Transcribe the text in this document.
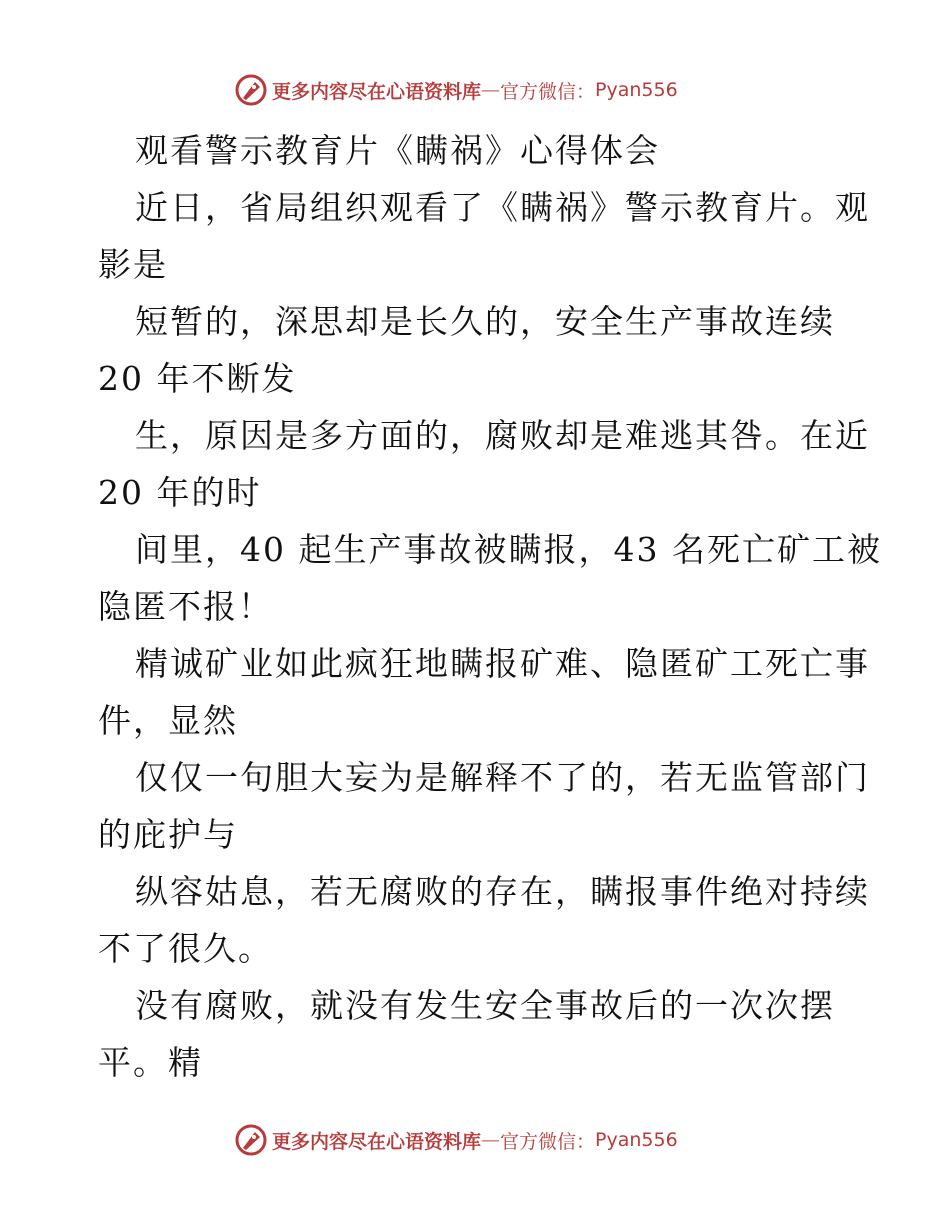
更多内容尽在心语资料库 — 官方微信： Pyan556
观看警示教育片《瞒祸》心得体会
近日，省局组织观看了《瞒祸》警示教育片。观
影是
短暂的，深思却是长久的，安全生产事故连续
20 年不断发
生，原因是多方面的，腐败却是难逃其咎。在近
20 年的时
间里，40 起生产事故被瞒报，43 名死亡矿工被
隐匿不报！
精诚矿业如此疯狂地瞒报矿难、隐匿矿工死亡事
件，显然
仅仅一句胆大妄为是解释不了的，若无监管部门
的庇护与
纵容姑息，若无腐败的存在，瞒报事件绝对持续
不了很久。
没有腐败，就没有发生安全事故后的一次次摆
平。精
更多内容尽在心语资料库 — 官方微信： Pyan556
